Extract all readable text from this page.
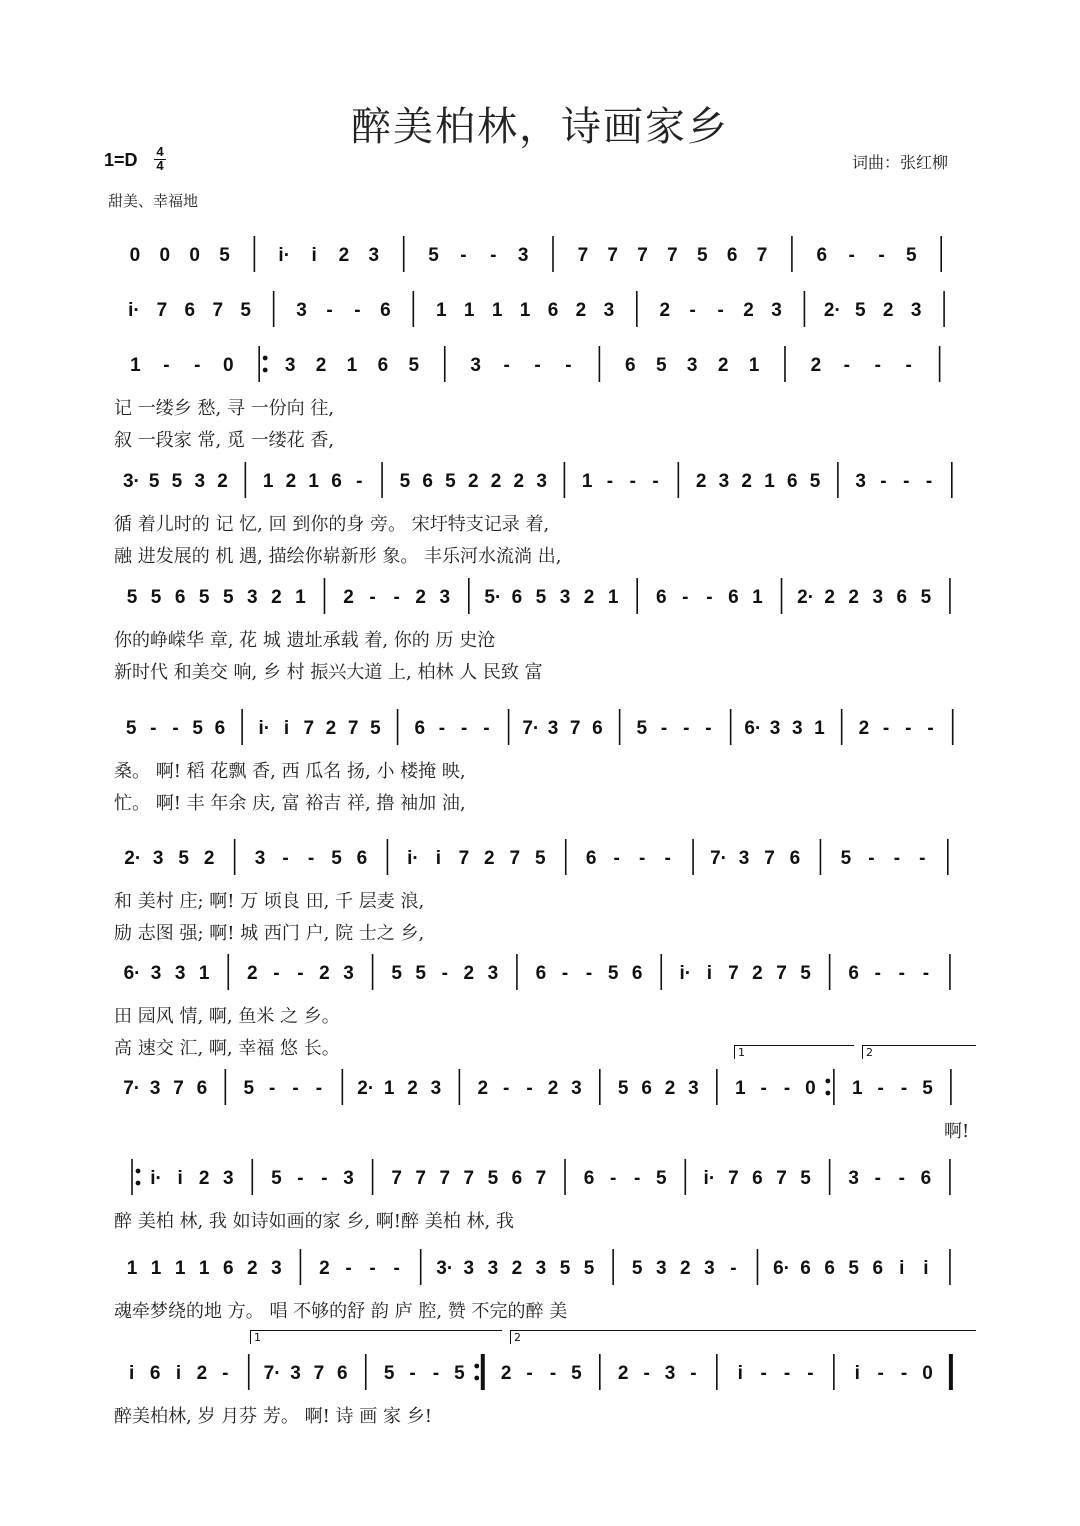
醉美柏林，诗画家乡
1=D	4
4	词曲：张红柳
甜美、幸福地
0 0 0 5	i· i 2 3	5 - - 3	7 7 7 7 5 6 7	6 - - 5
i· 7 6 7 5 3 - - 6 1 1 1 1 6 2 3 2 - - 2 3 2· 5 2 3
1 - - 0	3 2 1 6 5	3 - - -	6 5 3 2 1	2 - - -
记 一缕乡 愁, 寻 一份向 往,
叙 一段家 常, 觅 一缕花 香,
3· 5 5 3 2 1 2 1 6 - 5 6 5 2 2 2 3 1 - - - 2 3 2 1 6 5 3 - - -
循 着儿时的 记 忆, 回 到你的身 旁。 宋圩特支记录 着,
融 进发展的 机 遇, 描绘你崭新形 象。 丰乐河水流淌 出,
5 5 6 5 5 3 2 1 2 - - 2 3 5· 6 5 3 2 1 6 - - 6 1 2· 2 2 3 6 5
你的峥嵘华 章, 花 城 遗址承载 着, 你的 历 史沧
新时代 和美交 响, 乡 村 振兴大道 上, 柏林 人 民致 富
5 - - 5 6 i· i 7 2 7 5 6 - - - 7· 3 7 6 5 - - - 6· 3 3 1 2 - - -
桑。 啊! 稻 花飘 香, 西 瓜名 扬, 小 楼掩 映,
忙。 啊! 丰 年余 庆, 富 裕吉 祥, 撸 袖加 油,
2· 3 5 2 3 - - 5 6 i· i 7 2 7 5 6 - - - 7· 3 7 6 5 - - -
和 美村 庄; 啊! 万 顷良 田, 千 层麦 浪,
励 志图 强; 啊! 城 西门 户, 院 士之 乡,
6· 3 3 1 2 - - 2 3 5 5 - 2 3 6 - - 5 6 i· i 7 2 7 5 6 - - -
田 园风 情, 啊, 鱼米 之 乡。
高 速交 汇, 啊, 幸福 悠 长。
7· 3 7 6 5 - - - 2· 1 2 3 2 - - 2 3 5 6 2 3 1 - - 0 1 - - 5
啊!
i· i 2 3 5 - - 3 7 7 7 7 5 6 7 6 - - 5 i· 7 6 7 5 3 - - 6
醉 美柏 林, 我 如诗如画的家 乡, 啊!醉 美柏 林, 我
1 1 1 1 6 2 3 2 - - - 3· 3 3 2 3 5 5 5 3 2 3 - 6· 6 6 5 6 i i
魂牵梦绕的地 方。 唱 不够的舒 韵 庐 腔, 赞 不完的醉 美
i 6 i 2 - 7· 3 7 6 5 - - 5 2 - - 5 2 - 3 - i - - - i - - 0
醉美柏林, 岁 月芬 芳。 啊! 诗 画 家 乡!
1	2
1	2
